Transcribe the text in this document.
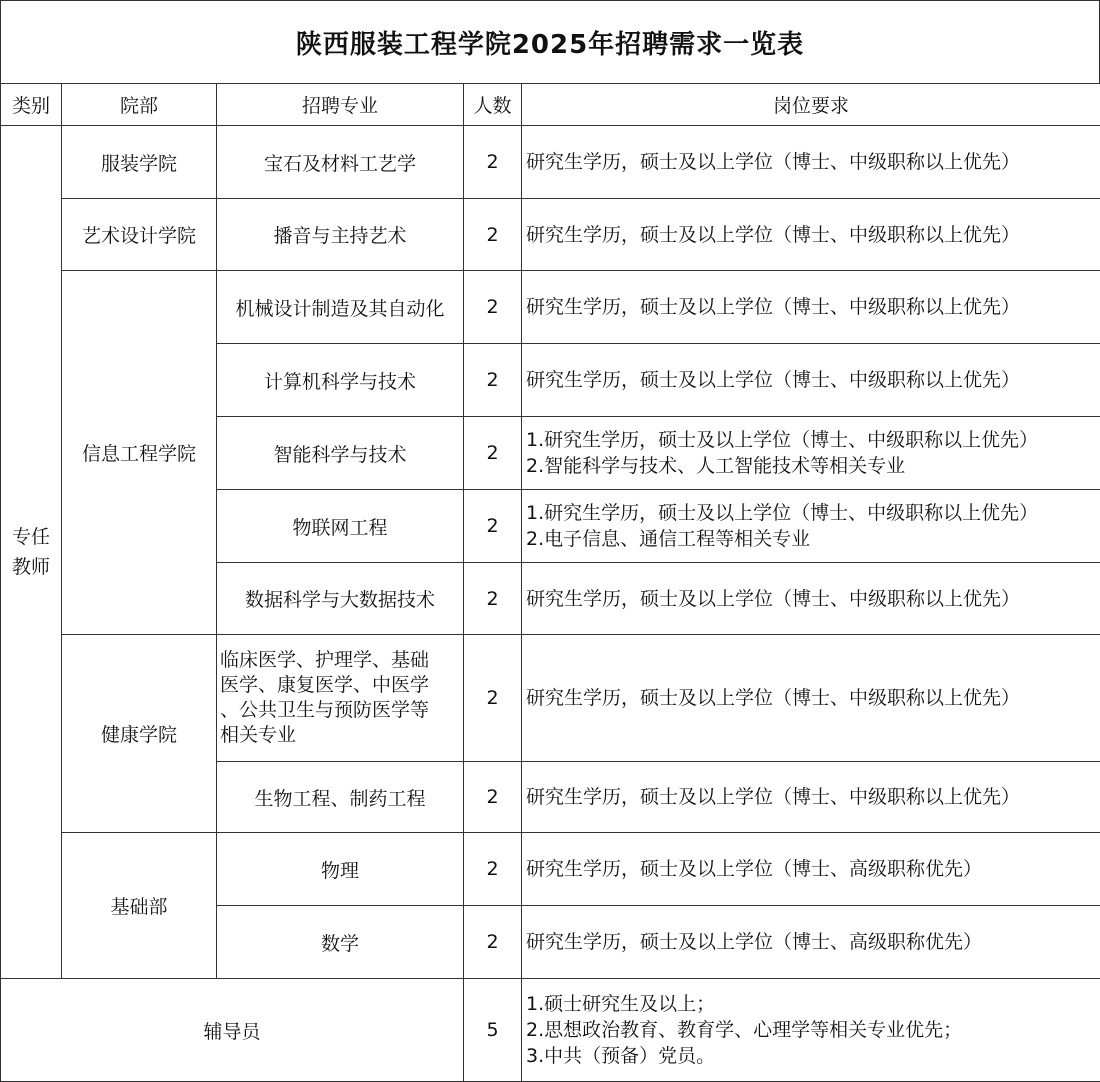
陕西服装工程学院2025年招聘需求一览表
类别	院部	招聘专业	人数	岗位要求

专任
教师	服装学院	宝石及材料工艺学	2	研究生学历，硕士及以上学位（博士、中级职称以上优先）

	艺术设计学院	播音与主持艺术	2	研究生学历，硕士及以上学位（博士、中级职称以上优先）

	信息工程学院	机械设计制造及其自动化	2	研究生学历，硕士及以上学位（博士、中级职称以上优先）

		计算机科学与技术	2	研究生学历，硕士及以上学位（博士、中级职称以上优先）

		智能科学与技术	2	1.研究生学历，硕士及以上学位（博士、中级职称以上优先）
2.智能科学与技术、人工智能技术等相关专业

		物联网工程	2	1.研究生学历，硕士及以上学位（博士、中级职称以上优先）
2.电子信息、通信工程等相关专业

		数据科学与大数据技术	2	研究生学历，硕士及以上学位（博士、中级职称以上优先）

	健康学院	临床医学、护理学、基础
医学、康复医学、中医学
、公共卫生与预防医学等
相关专业	2	研究生学历，硕士及以上学位（博士、中级职称以上优先）

		生物工程、制药工程	2	研究生学历，硕士及以上学位（博士、中级职称以上优先）

	基础部	物理	2	研究生学历，硕士及以上学位（博士、高级职称优先）

		数学	2	研究生学历，硕士及以上学位（博士、高级职称优先）

辅导员			5	1.硕士研究生及以上；
2.思想政治教育、教育学、心理学等相关专业优先；
3.中共（预备）党员。
